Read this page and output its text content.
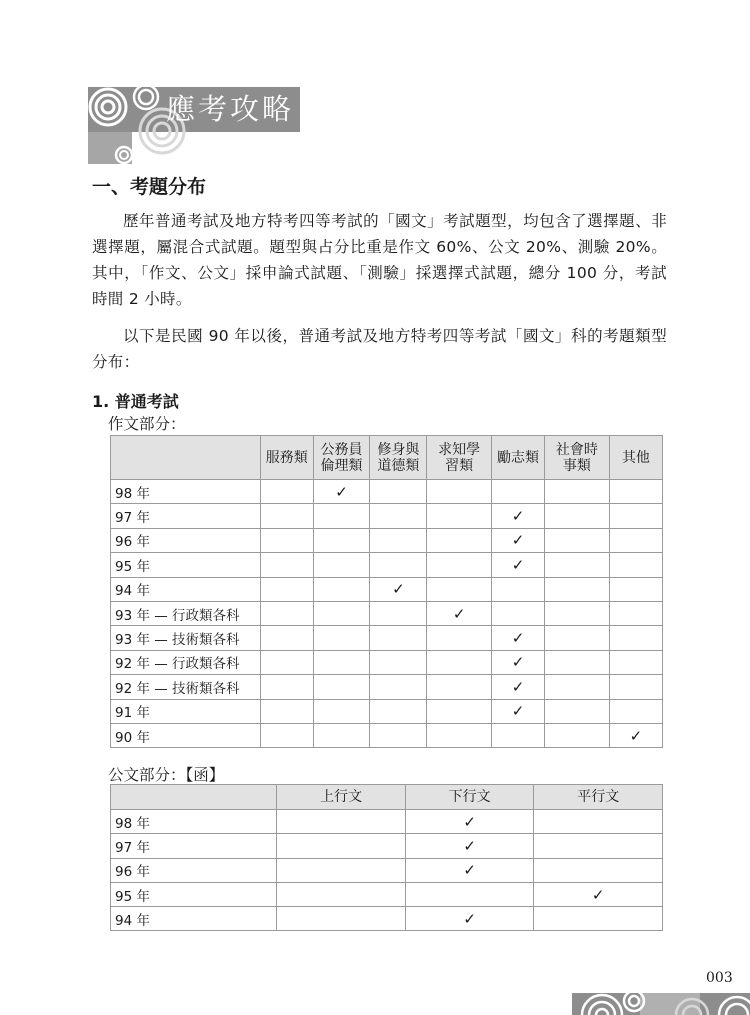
應考攻略
一、考題分布

歷年普通考試及地方特考四等考試的「國文」考試題型，均包含了選擇題、非選擇題，屬混合式試題。題型與占分比重是作文 60%、公文 20%、測驗 20%。其中，「作文、公文」採申論式試題、「測驗」採選擇式試題，總分 100 分，考試時間 2 小時。

以下是民國 90 年以後，普通考試及地方特考四等考試「國文」科的考題類型分布：

1. 普通考試
作文部分：
	服務類	公務員倫理類	修身與道德類	求知學習類	勵志類	社會時事類	其他
98 年		✓					
97 年					✓		
96 年					✓		
95 年					✓		
94 年			✓				
93 年 — 行政類各科				✓			
93 年 — 技術類各科					✓		
92 年 — 行政類各科					✓		
92 年 — 技術類各科					✓		
91 年					✓		
90 年							✓
公文部分：【函】
	上行文	下行文	平行文
98 年		✓	
97 年		✓	
96 年		✓	
95 年			✓
94 年		✓	
003
